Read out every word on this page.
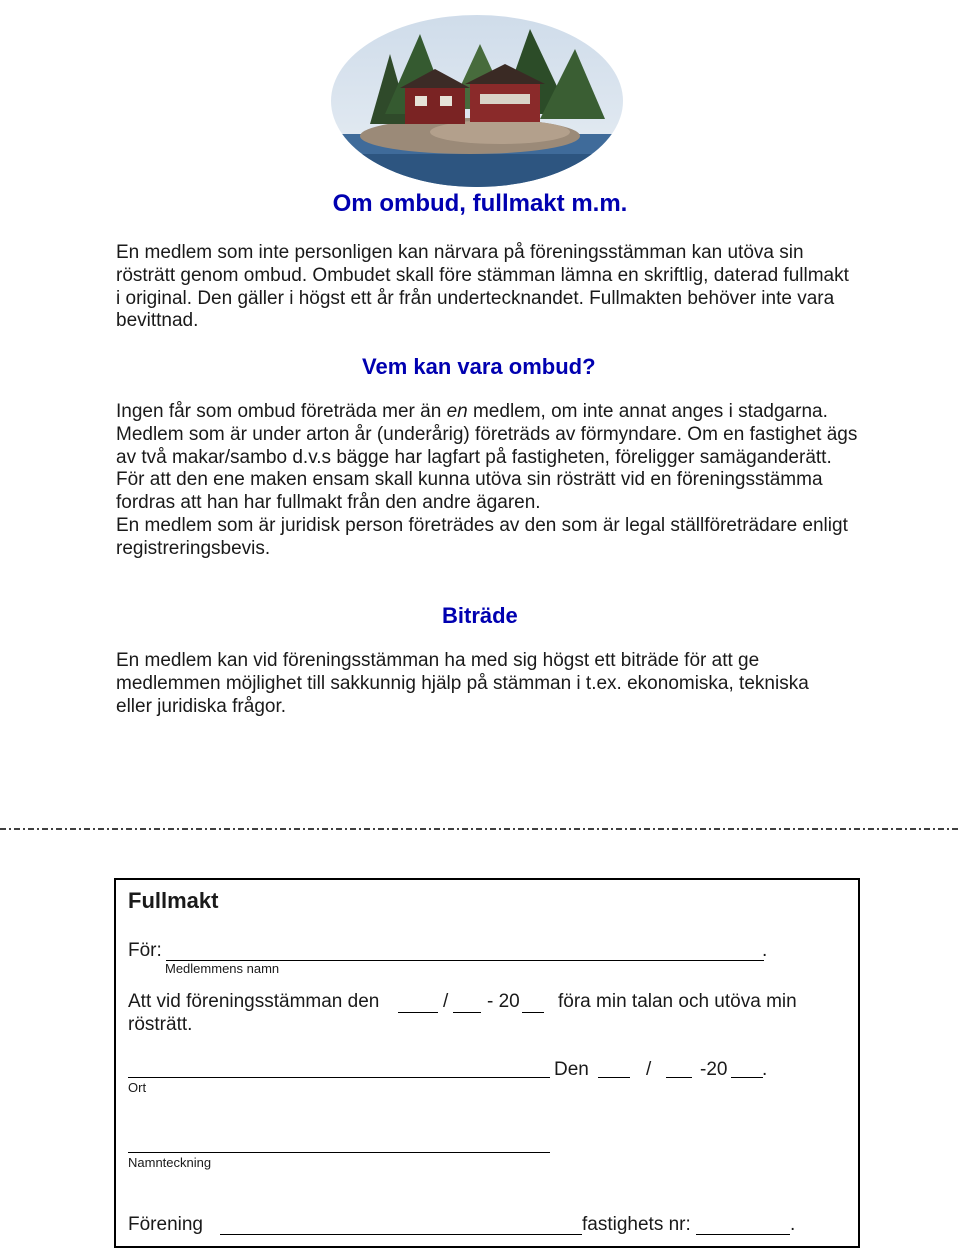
Om ombud, fullmakt m.m.

En medlem som inte personligen kan närvara på föreningsstämman kan utöva sin rösträtt genom ombud. Ombudet skall före stämman lämna en skriftlig, daterad fullmakt i original. Den gäller i högst ett år från undertecknandet. Fullmakten behöver inte vara bevittnad.

Vem kan vara ombud?
Ingen får som ombud företräda mer än en medlem, om inte annat anges i stadgarna. Medlem som är under arton år (underårig) företräds av förmyndare. Om en fastighet ägs av två makar/sambo d.v.s bägge har lagfart på fastigheten, föreligger samäganderätt.
För att den ene maken ensam skall kunna utöva sin rösträtt vid en föreningsstämma fordras att han har fullmakt från den andre ägaren.
En medlem som är juridisk person företrädes av den som är legal ställföreträdare enligt registreringsbevis.
Biträde

En medlem kan vid föreningsstämman ha med sig högst ett biträde för att ge medlemmen möjlighet till sakkunnig hjälp på stämman i t.ex. ekonomiska, tekniska eller juridiska frågor.

Fullmakt
För:	.
Medlemmens namn
Att vid föreningsstämman den	/ - 20 föra min talan och utöva min
rösträtt.
Ort
Den	/	-20 .
Namnteckning
Förening	fastighets nr:	.
